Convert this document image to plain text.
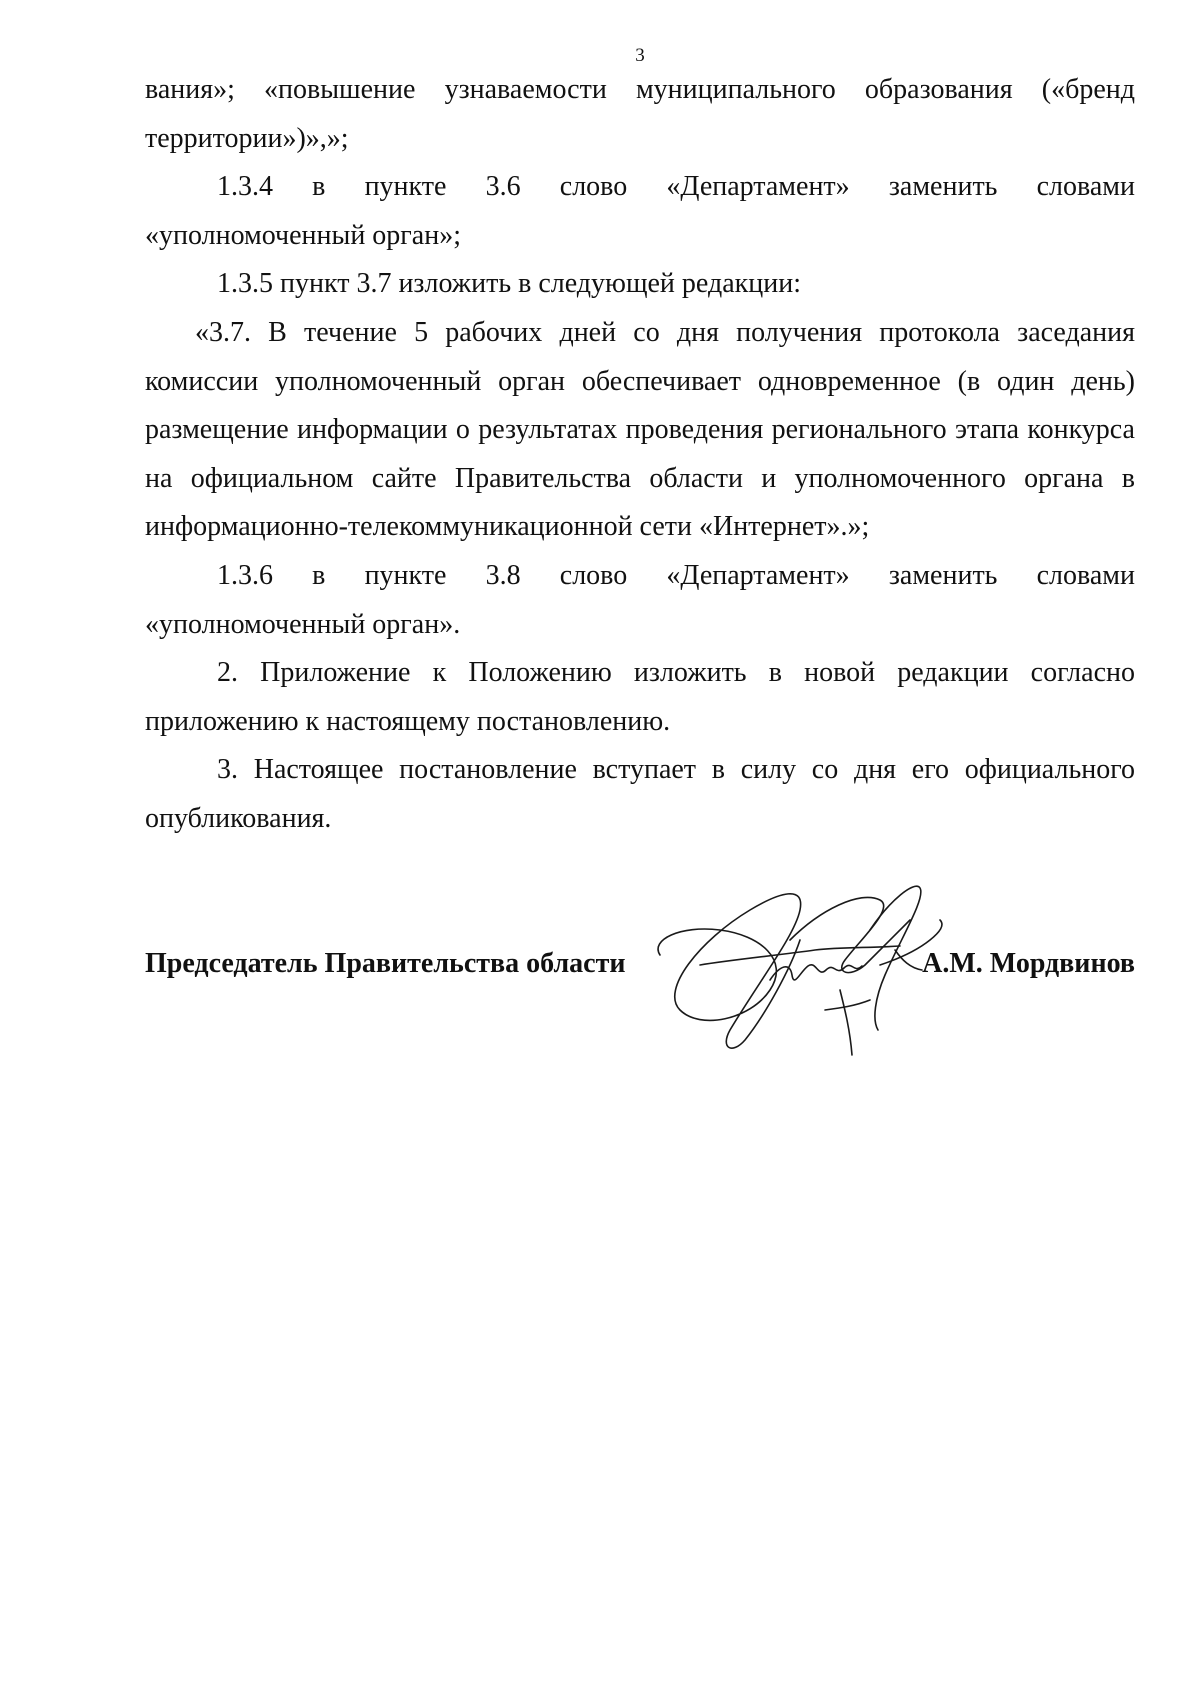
3

вания»; «повышение узнаваемости муниципального образования («бренд территории»)»,»;

1.3.4 в пункте 3.6 слово «Департамент» заменить словами «уполномоченный орган»;

1.3.5 пункт 3.7 изложить в следующей редакции:

«3.7. В течение 5 рабочих дней со дня получения протокола заседания комиссии уполномоченный орган обеспечивает одновременное (в один день) размещение информации о результатах проведения регионального этапа конкурса на официальном сайте Правительства области и уполномоченного органа в информационно-телекоммуникационной сети «Интернет».»;

1.3.6 в пункте 3.8 слово «Департамент» заменить словами «уполномоченный орган».

2. Приложение к Положению изложить в новой редакции согласно приложению к настоящему постановлению.

3. Настоящее постановление вступает в силу со дня его официального опубликования.

Председатель Правительства области	А.М. Мордвинов
